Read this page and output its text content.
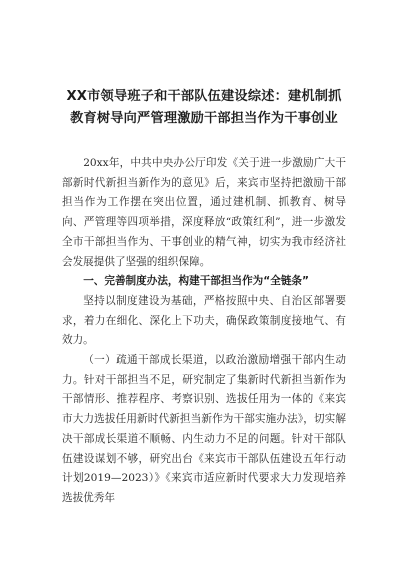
XX市领导班子和干部队伍建设综述：建机制抓教育树导向严管理激励干部担当作为干事创业

20xx年，中共中央办公厅印发《关于进一步激励广大干部新时代新担当新作为的意见》后，来宾市坚持把激励干部担当作为工作摆在突出位置，通过建机制、抓教育、树导向、严管理等四项举措，深度释放“政策红利”，进一步激发全市干部担当作为、干事创业的精气神，切实为我市经济社会发展提供了坚强的组织保障。

一、完善制度办法，构建干部担当作为“全链条”

坚持以制度建设为基础，严格按照中央、自治区部署要求，着力在细化、深化上下功夫，确保政策制度接地气、有效力。

（一）疏通干部成长渠道，以政治激励增强干部内生动力。针对干部担当不足，研究制定了集新时代新担当新作为干部情形、推荐程序、考察识别、选拔任用为一体的《来宾市大力选拔任用新时代新担当新作为干部实施办法》，切实解决干部成长渠道不顺畅、内生动力不足的问题。针对干部队伍建设谋划不够，研究出台《来宾市干部队伍建设五年行动计划2019—2023）》《来宾市适应新时代要求大力发现培养选拔优秀年
